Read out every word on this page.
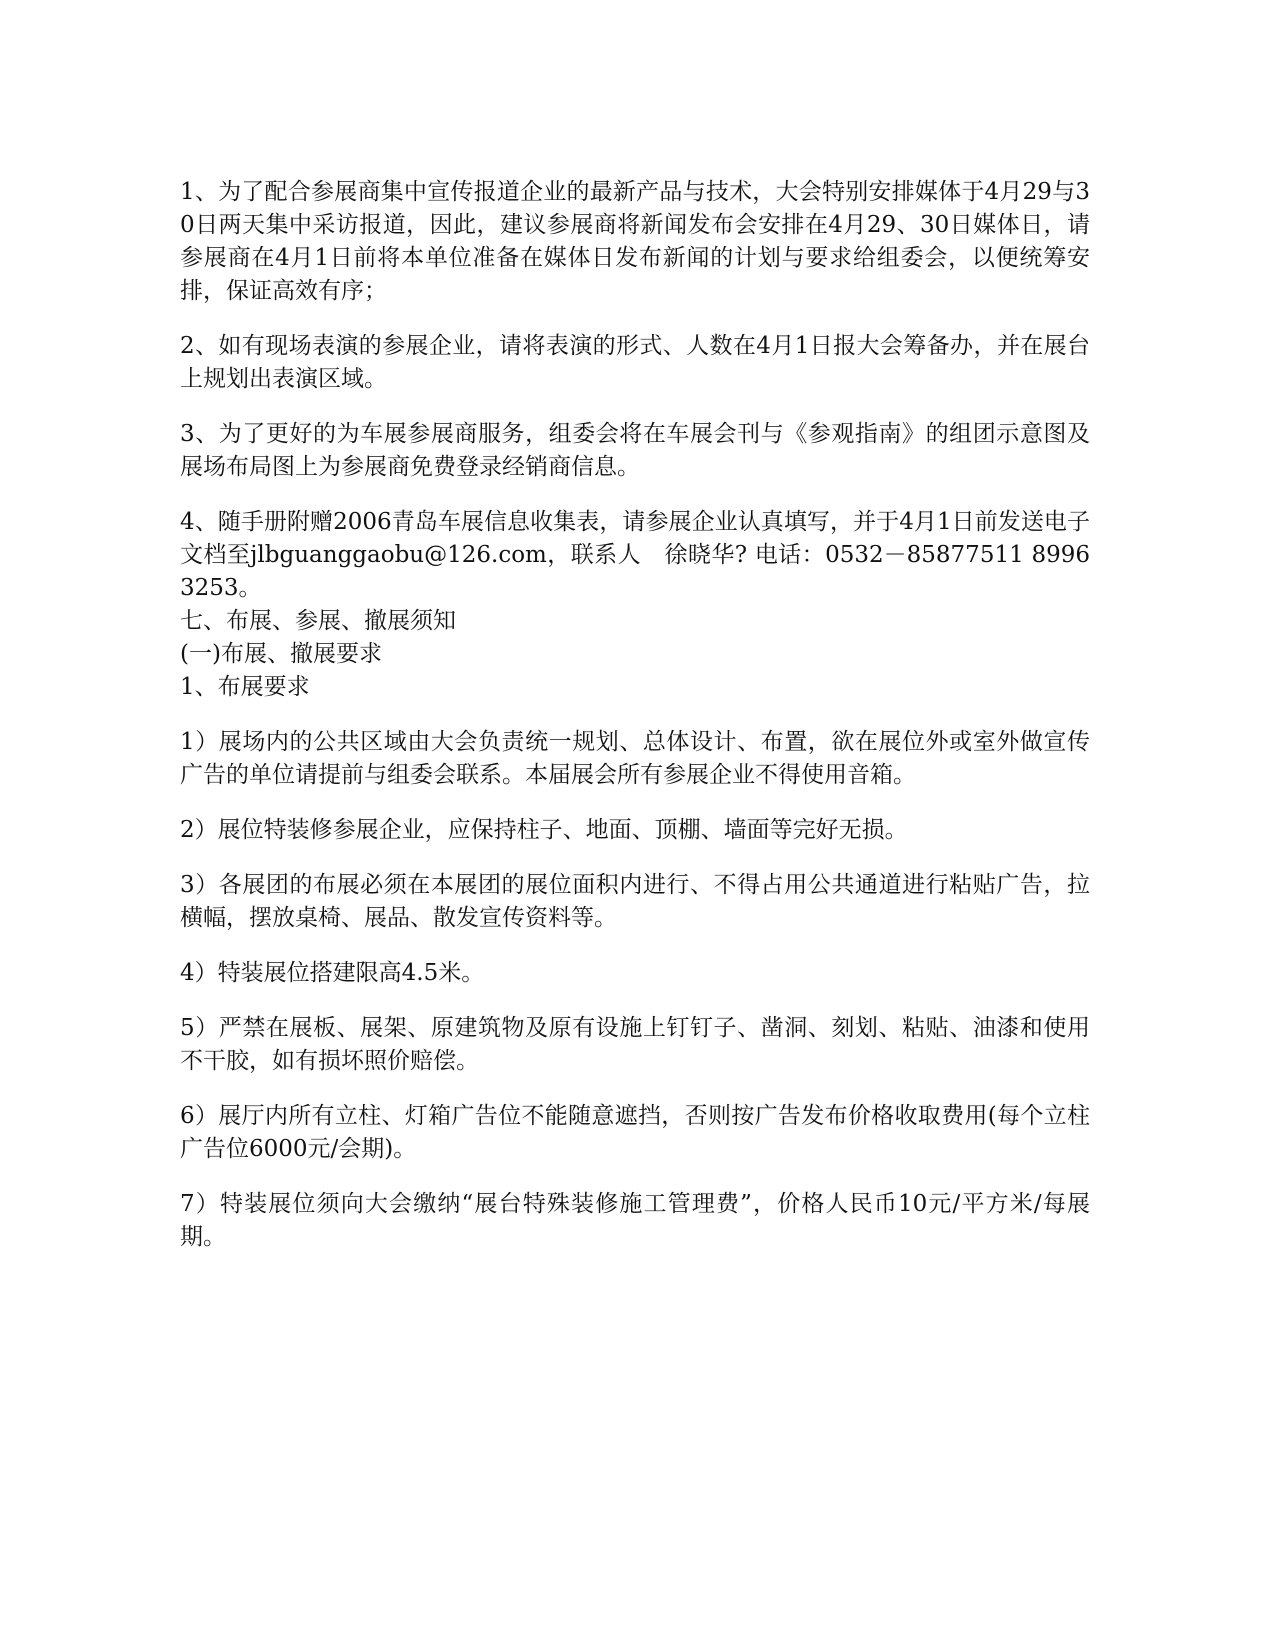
1、为了配合参展商集中宣传报道企业的最新产品与技术，大会特别安排媒体于4月29与30日两天集中采访报道，因此，建议参展商将新闻发布会安排在4月29、30日媒体日，请参展商在4月1日前将本单位准备在媒体日发布新闻的计划与要求给组委会，以便统筹安排，保证高效有序；

2、如有现场表演的参展企业，请将表演的形式、人数在4月1日报大会筹备办，并在展台上规划出表演区域。

3、为了更好的为车展参展商服务，组委会将在车展会刊与《参观指南》的组团示意图及展场布局图上为参展商免费登录经销商信息。

4、随手册附赠2006青岛车展信息收集表，请参展企业认真填写，并于4月1日前发送电子文档至jlbguanggaobu@126.com，联系人　徐晓华? 电话：0532－85877511 89963253。

七、布展、参展、撤展须知

(一)布展、撤展要求

1、布展要求

1）展场内的公共区域由大会负责统一规划、总体设计、布置，欲在展位外或室外做宣传广告的单位请提前与组委会联系。本届展会所有参展企业不得使用音箱。

2）展位特装修参展企业，应保持柱子、地面、顶棚、墙面等完好无损。

3）各展团的布展必须在本展团的展位面积内进行、不得占用公共通道进行粘贴广告，拉横幅，摆放桌椅、展品、散发宣传资料等。

4）特装展位搭建限高4.5米。

5）严禁在展板、展架、原建筑物及原有设施上钉钉子、凿洞、刻划、粘贴、油漆和使用不干胶，如有损坏照价赔偿。

6）展厅内所有立柱、灯箱广告位不能随意遮挡，否则按广告发布价格收取费用(每个立柱广告位6000元/会期)。

7）特装展位须向大会缴纳“展台特殊装修施工管理费”，价格人民币10元/平方米/每展期。
